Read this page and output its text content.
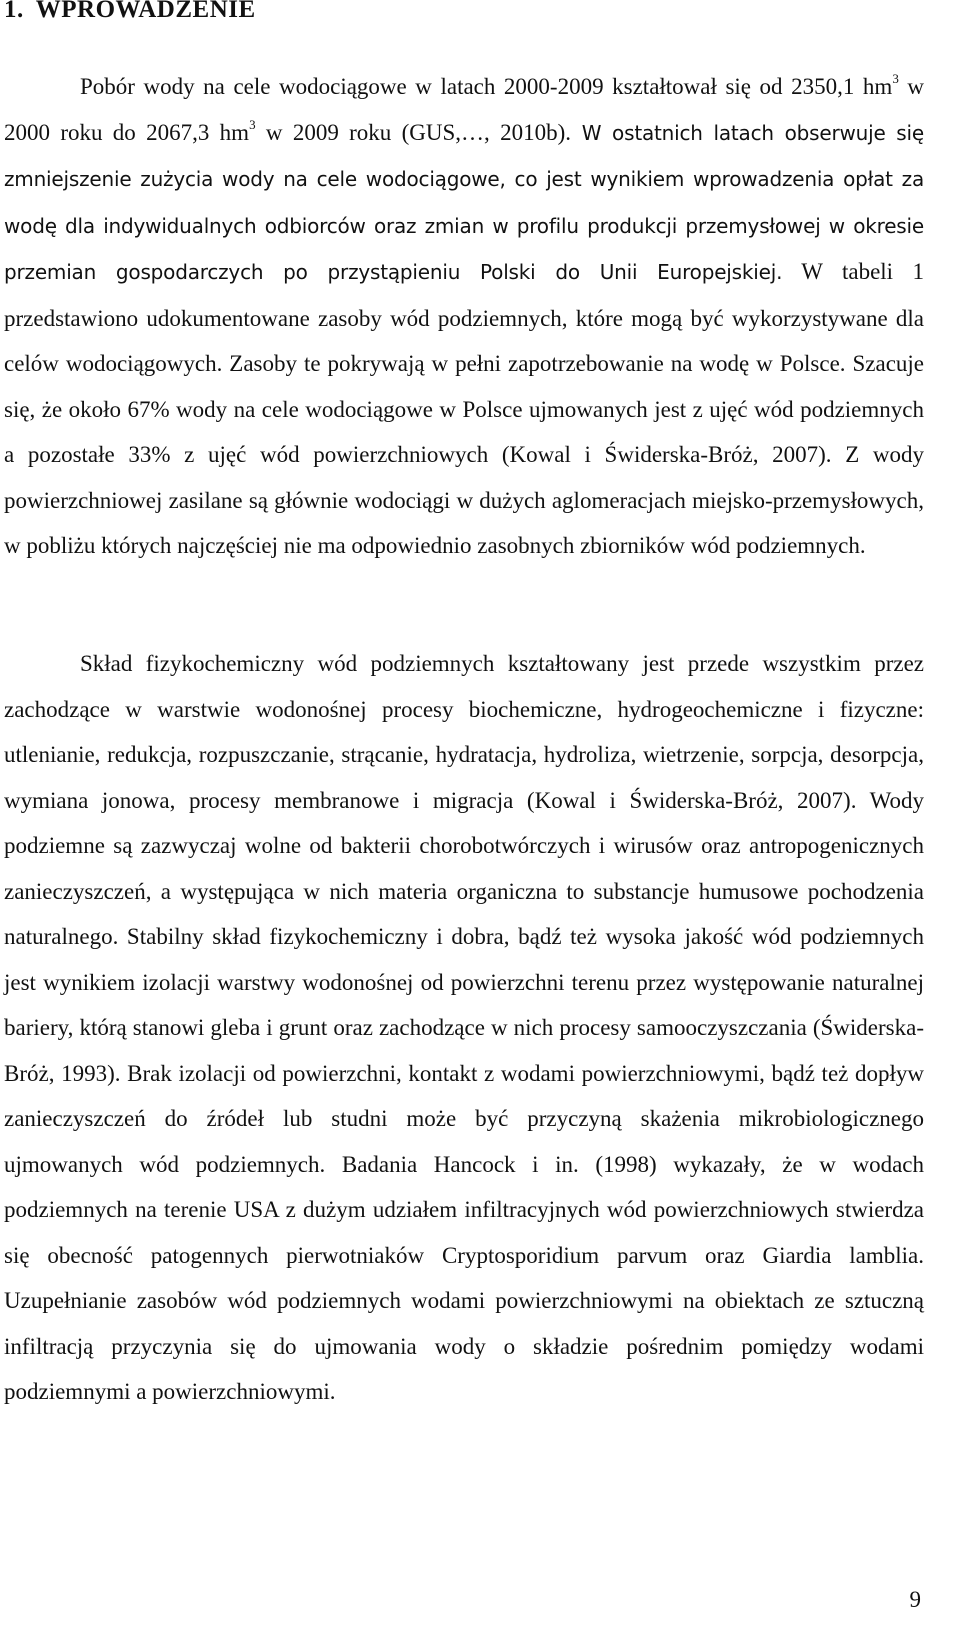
1. WPROWADZENIE

Pobór wody na cele wodociągowe w latach 2000-2009 kształtował się od 2350,1 $hm^3$ w 2000 roku do 2067,3 $hm^3$ w 2009 roku (GUS,…, 2010b). W ostatnich latach obserwuje się zmniejszenie zużycia wody na cele wodociągowe, co jest wynikiem wprowadzenia opłat za wodę dla indywidualnych odbiorców oraz zmian w profilu produkcji przemysłowej w okresie przemian gospodarczych po przystąpieniu Polski do Unii Europejskiej. W tabeli 1 przedstawiono udokumentowane zasoby wód podziemnych, które mogą być wykorzystywane dla celów wodociągowych. Zasoby te pokrywają w pełni zapotrzebowanie na wodę w Polsce. Szacuje się, że około 67% wody na cele wodociągowe w Polsce ujmowanych jest z ujęć wód podziemnych a pozostałe 33% z ujęć wód powierzchniowych (Kowal i Świderska-Bróż, 2007). Z wody powierzchniowej zasilane są głównie wodociągi w dużych aglomeracjach miejsko-przemysłowych, w pobliżu których najczęściej nie ma odpowiednio zasobnych zbiorników wód podziemnych.

Skład fizykochemiczny wód podziemnych kształtowany jest przede wszystkim przez zachodzące w warstwie wodonośnej procesy biochemiczne, hydrogeochemiczne i fizyczne: utlenianie, redukcja, rozpuszczanie, strącanie, hydratacja, hydroliza, wietrzenie, sorpcja, desorpcja, wymiana jonowa, procesy membranowe i migracja (Kowal i Świderska-Bróż, 2007). Wody podziemne są zazwyczaj wolne od bakterii chorobotwórczych i wirusów oraz antropogenicznych zanieczyszczeń, a występująca w nich materia organiczna to substancje humusowe pochodzenia naturalnego. Stabilny skład fizykochemiczny i dobra, bądź też wysoka jakość wód podziemnych jest wynikiem izolacji warstwy wodonośnej od powierzchni terenu przez występowanie naturalnej bariery, którą stanowi gleba i grunt oraz zachodzące w nich procesy samooczyszczania (Świderska-Bróż, 1993). Brak izolacji od powierzchni, kontakt z wodami powierzchniowymi, bądź też dopływ zanieczyszczeń do źródeł lub studni może być przyczyną skażenia mikrobiologicznego ujmowanych wód podziemnych. Badania Hancock i in. (1998) wykazały, że w wodach podziemnych na terenie USA z dużym udziałem infiltracyjnych wód powierzchniowych stwierdza się obecność patogennych pierwotniaków Cryptosporidium parvum oraz Giardia lamblia. Uzupełnianie zasobów wód podziemnych wodami powierzchniowymi na obiektach ze sztuczną infiltracją przyczynia się do ujmowania wody o składzie pośrednim pomiędzy wodami podziemnymi a powierzchniowymi.

9
